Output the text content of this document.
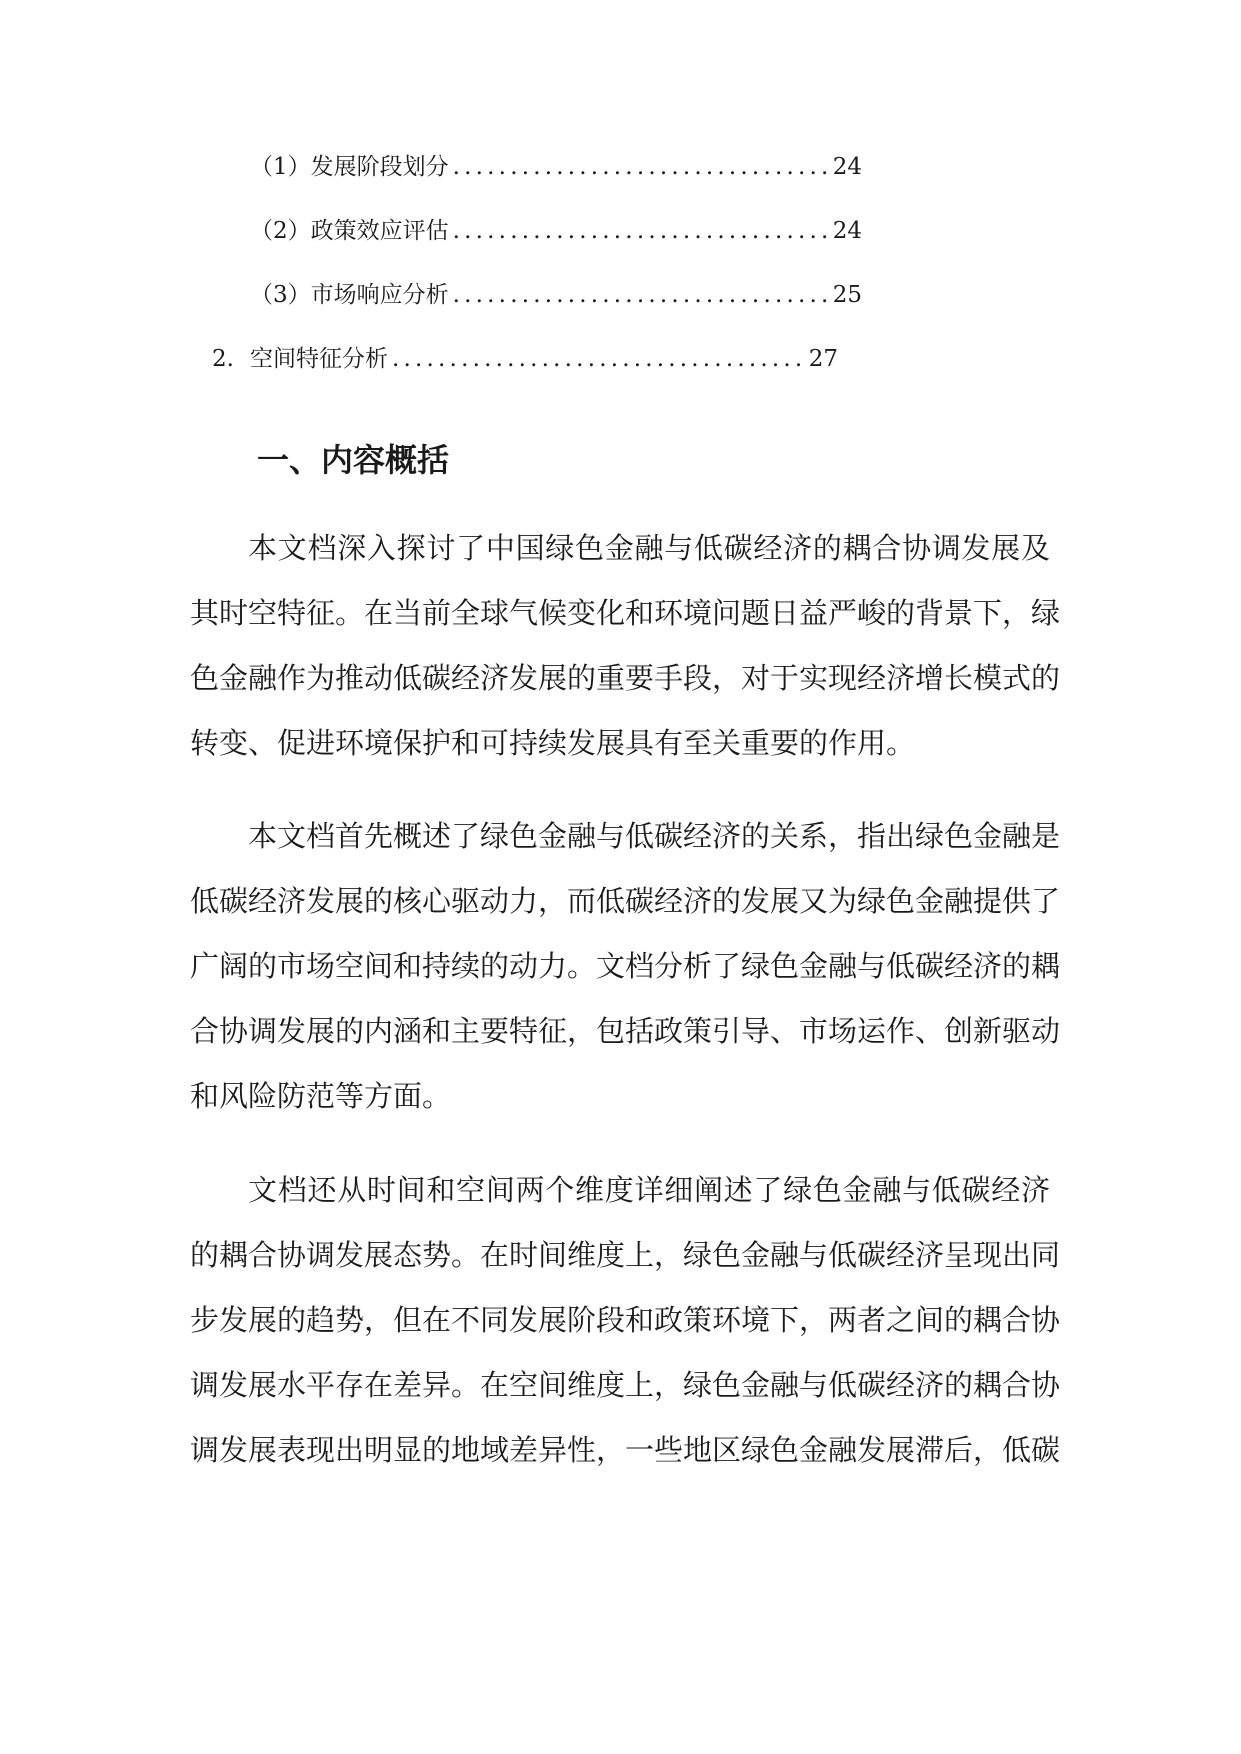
（1）发展阶段划分 .....	24
（2）政策效应评估 .....	24
（3）市场响应分析 .....	25
2. 空间特征分析 .....	27
一、内容概括
本文档深入探讨了中国绿色金融与低碳经济的耦合协调发展及
其时空特征。在当前全球气候变化和环境问题日益严峻的背景下，绿
色金融作为推动低碳经济发展的重要手段，对于实现经济增长模式的
转变、促进环境保护和可持续发展具有至关重要的作用。
本文档首先概述了绿色金融与低碳经济的关系，指出绿色金融是
低碳经济发展的核心驱动力，而低碳经济的发展又为绿色金融提供了
广阔的市场空间和持续的动力。文档分析了绿色金融与低碳经济的耦
合协调发展的内涵和主要特征，包括政策引导、市场运作、创新驱动
和风险防范等方面。
文档还从时间和空间两个维度详细阐述了绿色金融与低碳经济
的耦合协调发展态势。在时间维度上，绿色金融与低碳经济呈现出同
步发展的趋势，但在不同发展阶段和政策环境下，两者之间的耦合协
调发展水平存在差异。在空间维度上，绿色金融与低碳经济的耦合协
调发展表现出明显的地域差异性，一些地区绿色金融发展滞后，低碳
